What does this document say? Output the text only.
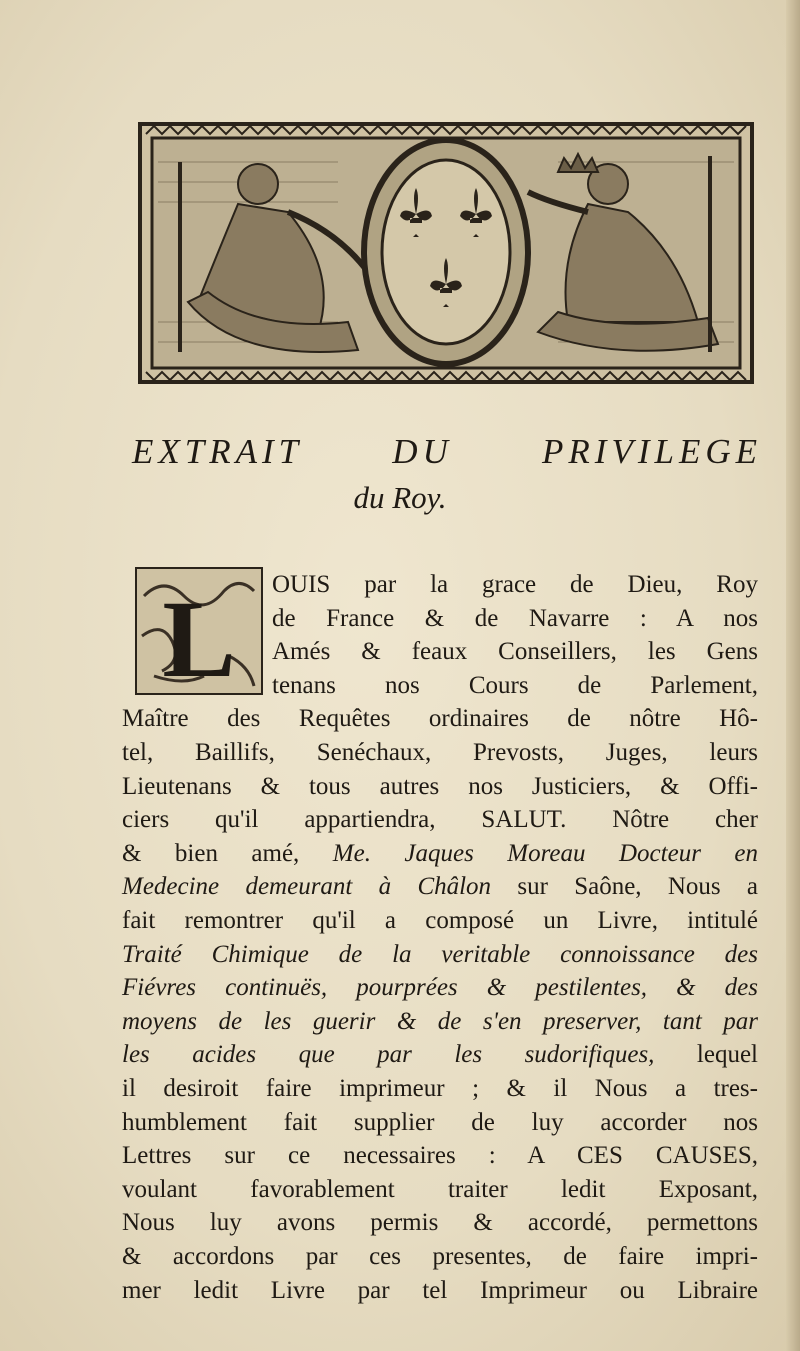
EXTRAIT	DU	PRIVILEGE
du Roy.
L OUIS par la grace de Dieu, Roy
de France & de Navarre : A nos
Amés & feaux Conseillers, les Gens
tenans nos Cours de Parlement,
Maître des Requêtes ordinaires de nôtre Hô-
tel, Baillifs, Senéchaux, Prevosts, Juges, leurs
Lieutenans & tous autres nos Justiciers, & Offi-
ciers qu'il appartiendra, SALUT. Nôtre cher
& bien amé, Me. Jaques Moreau Docteur en
Medecine demeurant à Châlon sur Saône, Nous a
fait remontrer qu'il a composé un Livre, intitulé
Traité Chimique de la veritable connoissance des
Fiévres continuës, pourprées & pestilentes, & des
moyens de les guerir & de s'en preserver, tant par
les acides que par les sudorifiques, lequel
il desiroit faire imprimeur ; & il Nous a tres-
humblement fait supplier de luy accorder nos
Lettres sur ce necessaires : A CES CAUSES,
voulant favorablement traiter ledit Exposant,
Nous luy avons permis & accordé, permettons
& accordons par ces presentes, de faire impri-
mer ledit Livre par tel Imprimeur ou Libraire
